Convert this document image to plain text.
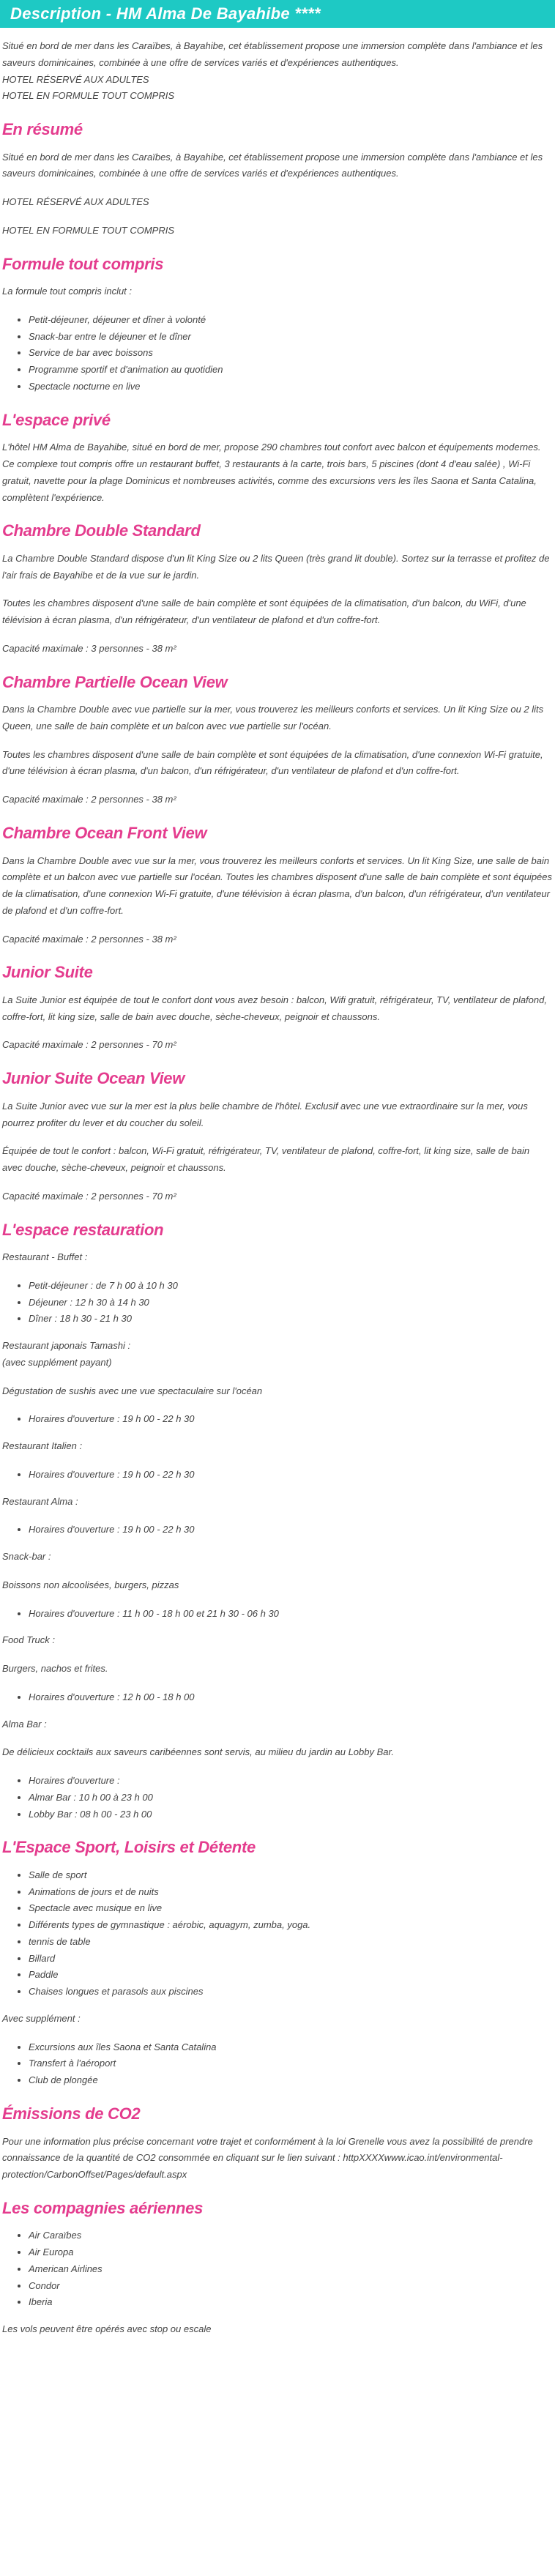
Description - HM Alma De Bayahibe ****

Situé en bord de mer dans les Caraïbes, à Bayahibe, cet établissement propose une immersion complète dans l'ambiance et les saveurs dominicaines, combinée à une offre de services variés et d'expériences authentiques.

HOTEL RÉSERVÉ AUX ADULTES

HOTEL EN FORMULE TOUT COMPRIS

En résumé

Situé en bord de mer dans les Caraïbes, à Bayahibe, cet établissement propose une immersion complète dans l'ambiance et les saveurs dominicaines, combinée à une offre de services variés et d'expériences authentiques.

HOTEL RÉSERVÉ AUX ADULTES

HOTEL EN FORMULE TOUT COMPRIS

Formule tout compris

La formule tout compris inclut :

• Petit-déjeuner, déjeuner et dîner à volonté
• Snack-bar entre le déjeuner et le dîner
• Service de bar avec boissons
• Programme sportif et d'animation au quotidien
• Spectacle nocturne en live
L'espace privé

L'hôtel HM Alma de Bayahibe, situé en bord de mer, propose 290 chambres tout confort avec balcon et équipements modernes. Ce complexe tout compris offre un restaurant buffet, 3 restaurants à la carte, trois bars, 5 piscines (dont 4 d'eau salée) , Wi-Fi gratuit, navette pour la plage Dominicus et nombreuses activités, comme des excursions vers les îles Saona et Santa Catalina, complètent l'expérience.

Chambre Double Standard

La Chambre Double Standard dispose d'un lit King Size ou 2 lits Queen (très grand lit double). Sortez sur la terrasse et profitez de l'air frais de Bayahibe et de la vue sur le jardin.

Toutes les chambres disposent d'une salle de bain complète et sont équipées de la climatisation, d'un balcon, du WiFi, d'une télévision à écran plasma, d'un réfrigérateur, d'un ventilateur de plafond et d'un coffre-fort.

Capacité maximale : 3 personnes - 38 m²

Chambre Partielle Ocean View

Dans la Chambre Double avec vue partielle sur la mer, vous trouverez les meilleurs conforts et services. Un lit King Size ou 2 lits Queen, une salle de bain complète et un balcon avec vue partielle sur l'océan.

Toutes les chambres disposent d'une salle de bain complète et sont équipées de la climatisation, d'une connexion Wi-Fi gratuite, d'une télévision à écran plasma, d'un balcon, d'un réfrigérateur, d'un ventilateur de plafond et d'un coffre-fort.

Capacité maximale : 2 personnes - 38 m²

Chambre Ocean Front View

Dans la Chambre Double avec vue sur la mer, vous trouverez les meilleurs conforts et services. Un lit King Size, une salle de bain complète et un balcon avec vue partielle sur l'océan. Toutes les chambres disposent d'une salle de bain complète et sont équipées de la climatisation, d'une connexion Wi-Fi gratuite, d'une télévision à écran plasma, d'un balcon, d'un réfrigérateur, d'un ventilateur de plafond et d'un coffre-fort.

Capacité maximale : 2 personnes - 38 m²

Junior Suite

La Suite Junior est équipée de tout le confort dont vous avez besoin : balcon, Wifi gratuit, réfrigérateur, TV, ventilateur de plafond, coffre-fort, lit king size, salle de bain avec douche, sèche-cheveux, peignoir et chaussons.

Capacité maximale : 2 personnes - 70 m²

Junior Suite Ocean View

La Suite Junior avec vue sur la mer est la plus belle chambre de l'hôtel. Exclusif avec une vue extraordinaire sur la mer, vous pourrez profiter du lever et du coucher du soleil.

Équipée de tout le confort : balcon, Wi-Fi gratuit, réfrigérateur, TV, ventilateur de plafond, coffre-fort, lit king size, salle de bain avec douche, sèche-cheveux, peignoir et chaussons.

Capacité maximale : 2 personnes - 70 m²

L'espace restauration

Restaurant - Buffet :

• Petit-déjeuner : de 7 h 00 à 10 h 30
• Déjeuner : 12 h 30 à 14 h 30
• Dîner : 18 h 30 - 21 h 30

Restaurant japonais Tamashi :

(avec supplément payant)

Dégustation de sushis avec une vue spectaculaire sur l'océan

• Horaires d'ouverture : 19 h 00 - 22 h 30

Restaurant Italien :

• Horaires d'ouverture : 19 h 00 - 22 h 30

Restaurant Alma :

• Horaires d'ouverture : 19 h 00 - 22 h 30

Snack-bar :

Boissons non alcoolisées, burgers, pizzas

• Horaires d'ouverture : 11 h 00 - 18 h 00 et 21 h 30 - 06 h 30

Food Truck :

Burgers, nachos et frites.

• Horaires d'ouverture : 12 h 00 - 18 h 00

Alma Bar :

De délicieux cocktails aux saveurs caribéennes sont servis, au milieu du jardin au Lobby Bar.

• Horaires d'ouverture :
• Almar Bar : 10 h 00 à 23 h 00
• Lobby Bar : 08 h 00 - 23 h 00
L'Espace Sport, Loisirs et Détente
• Salle de sport
• Animations de jours et de nuits
• Spectacle avec musique en live
• Différents types de gymnastique : aérobic, aquagym, zumba, yoga.
• tennis de table
• Billard
• Paddle
• Chaises longues et parasols aux piscines

Avec supplément :

• Excursions aux îles Saona et Santa Catalina
• Transfert à l'aéroport
• Club de plongée
Émissions de CO2

Pour une information plus précise concernant votre trajet et conformément à la loi Grenelle vous avez la possibilité de prendre connaissance de la quantité de CO2 consommée en cliquant sur le lien suivant : httpXXXXwww.icao.int/environmental-protection/CarbonOffset/Pages/default.aspx

Les compagnies aériennes
• Air Caraïbes
• Air Europa
• American Airlines
• Condor
• Iberia

Les vols peuvent être opérés avec stop ou escale
